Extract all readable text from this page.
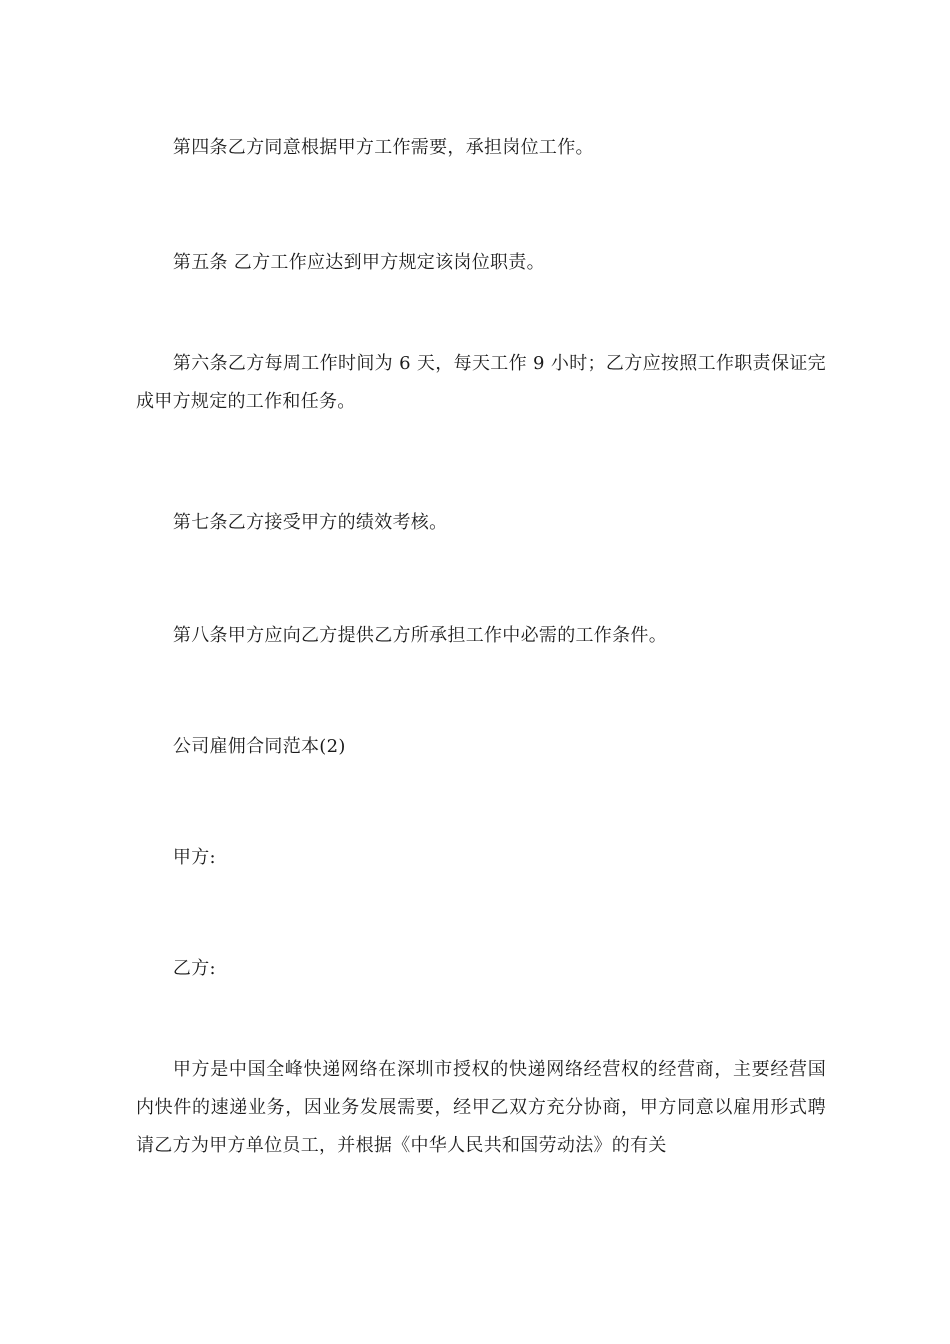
第四条乙方同意根据甲方工作需要，承担岗位工作。

第五条 乙方工作应达到甲方规定该岗位职责。

第六条乙方每周工作时间为 6 天，每天工作 9 小时；乙方应按照工作职责保证完成甲方规定的工作和任务。

第七条乙方接受甲方的绩效考核。

第八条甲方应向乙方提供乙方所承担工作中必需的工作条件。

公司雇佣合同范本(2)

甲方:

乙方:

甲方是中国全峰快递网络在深圳市授权的快递网络经营权的经营商，主要经营国内快件的速递业务，因业务发展需要，经甲乙双方充分协商，甲方同意以雇用形式聘请乙方为甲方单位员工，并根据《中华人民共和国劳动法》的有关
